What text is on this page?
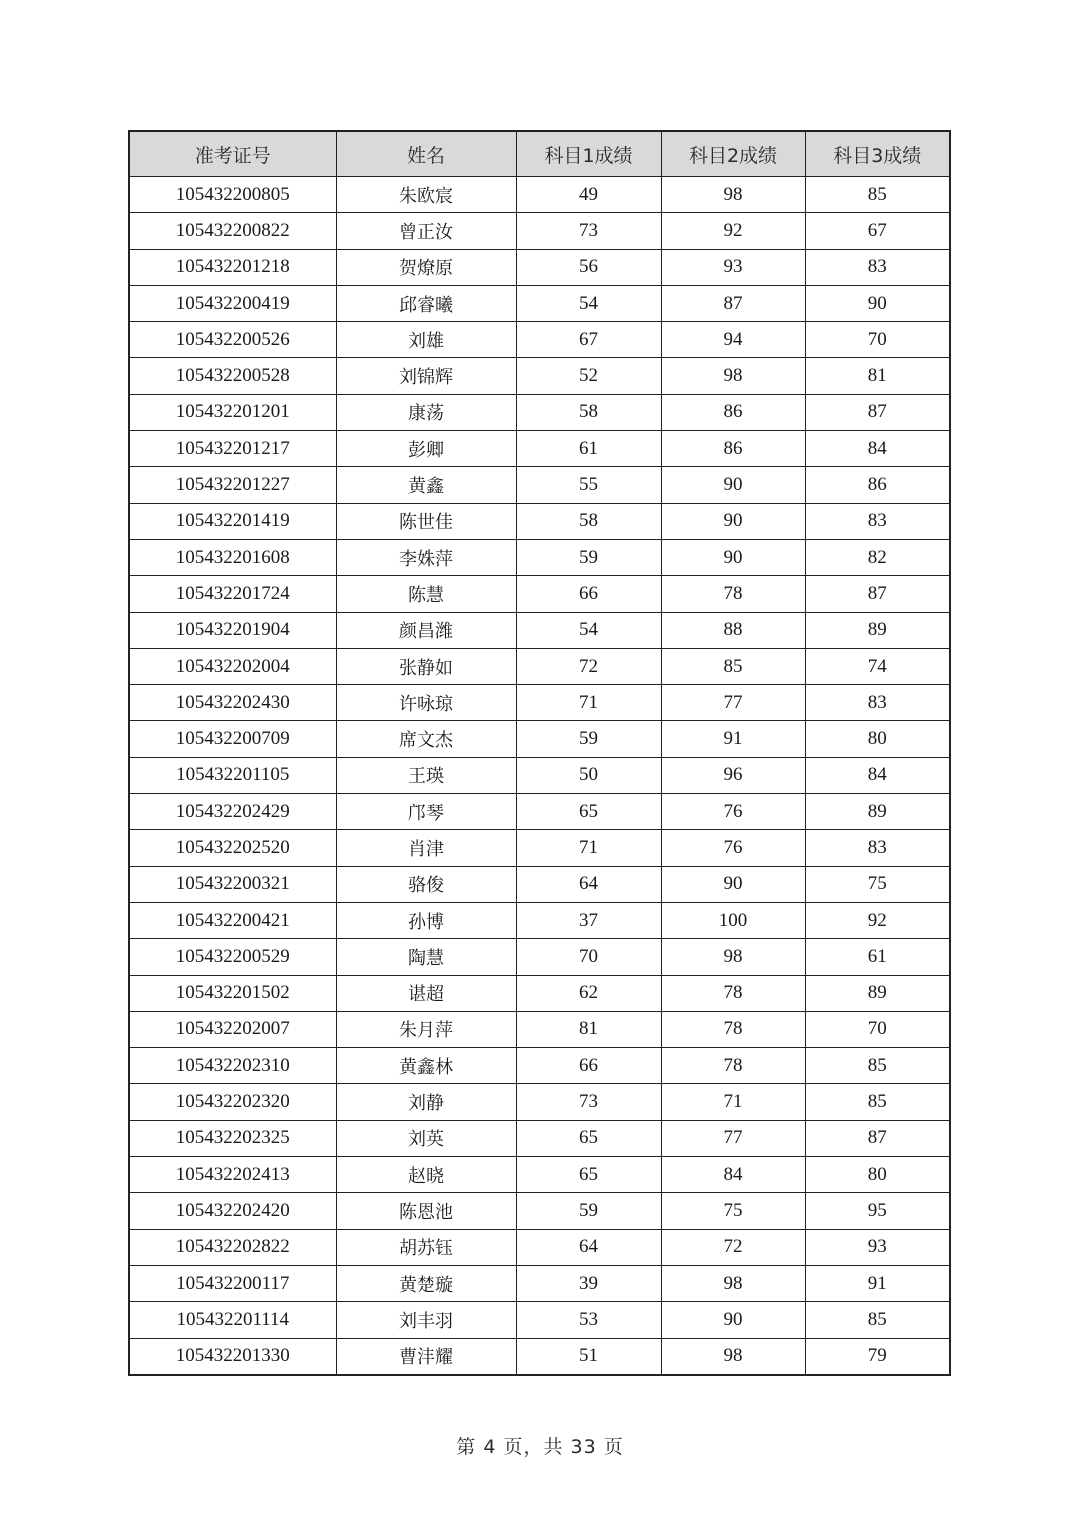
准考证号	姓名	科目1成绩	科目2成绩	科目3成绩
105432200805	朱欧宸	49	98	85
105432200822	曾正汝	73	92	67
105432201218	贺燎原	56	93	83
105432200419	邱睿曦	54	87	90
105432200526	刘雄	67	94	70
105432200528	刘锦辉	52	98	81
105432201201	康荡	58	86	87
105432201217	彭卿	61	86	84
105432201227	黄鑫	55	90	86
105432201419	陈世佳	58	90	83
105432201608	李姝萍	59	90	82
105432201724	陈慧	66	78	87
105432201904	颜昌潍	54	88	89
105432202004	张静如	72	85	74
105432202430	许咏琼	71	77	83
105432200709	席文杰	59	91	80
105432201105	王瑛	50	96	84
105432202429	邝琴	65	76	89
105432202520	肖津	71	76	83
105432200321	骆俊	64	90	75
105432200421	孙博	37	100	92
105432200529	陶慧	70	98	61
105432201502	谌超	62	78	89
105432202007	朱月萍	81	78	70
105432202310	黄鑫林	66	78	85
105432202320	刘静	73	71	85
105432202325	刘英	65	77	87
105432202413	赵晓	65	84	80
105432202420	陈恩池	59	75	95
105432202822	胡苏钰	64	72	93
105432200117	黄楚璇	39	98	91
105432201114	刘丰羽	53	90	85
105432201330	曹沣耀	51	98	79
第 4 页，共 33 页
